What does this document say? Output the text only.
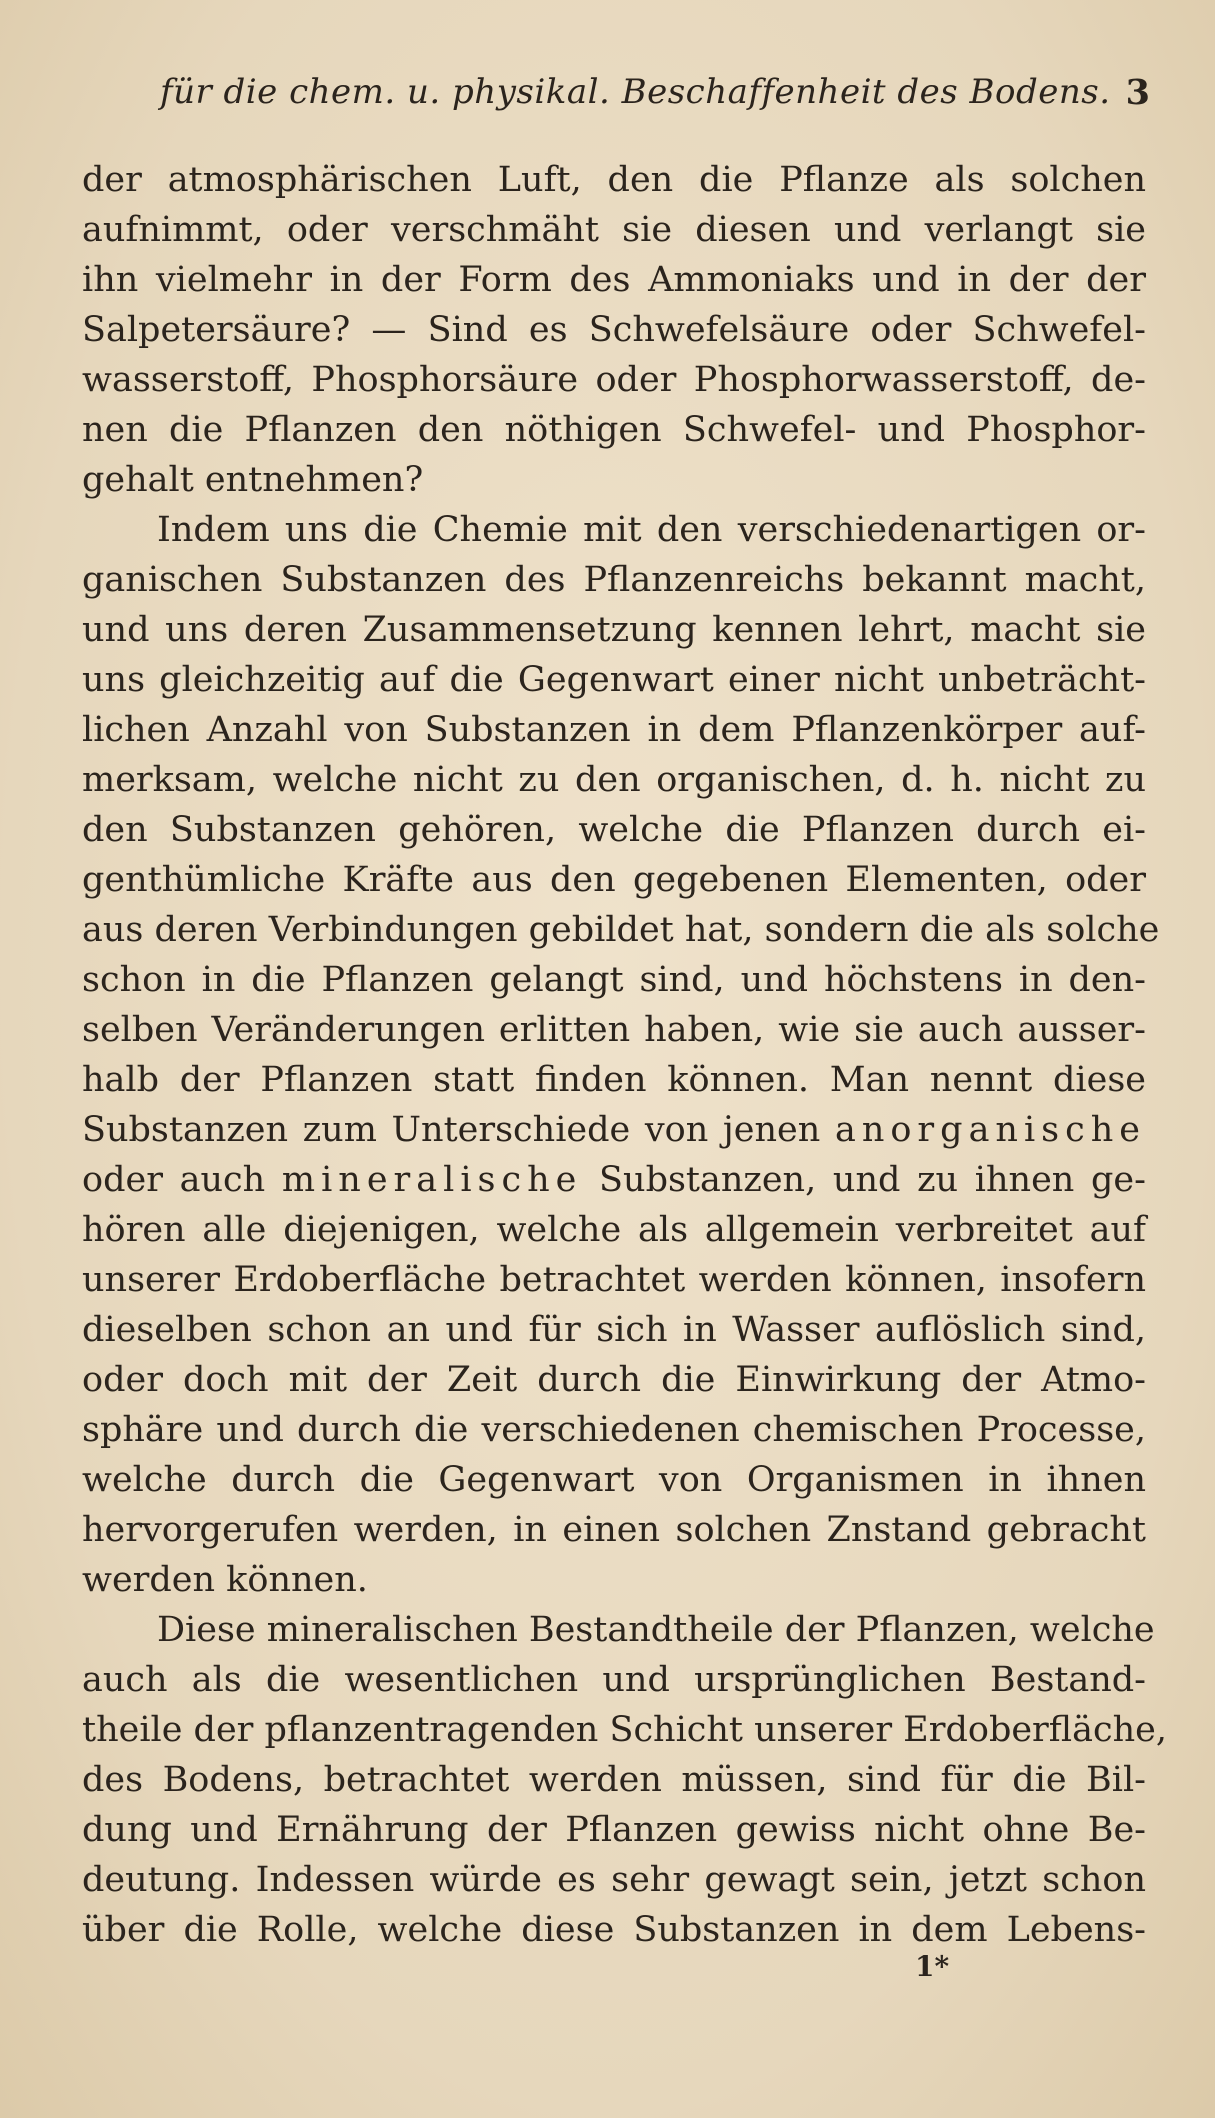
für die chem. u. physikal. Beschaffenheit des Bodens. 3
der atmosphärischen Luft, den die Pflanze als solchen
aufnimmt, oder verschmäht sie diesen und verlangt sie
ihn vielmehr in der Form des Ammoniaks und in der der
Salpetersäure? — Sind es Schwefelsäure oder Schwefel-
wasserstoff, Phosphorsäure oder Phosphorwasserstoff, de-
nen die Pflanzen den nöthigen Schwefel- und Phosphor-
gehalt entnehmen?
Indem uns die Chemie mit den verschiedenartigen or-
ganischen Substanzen des Pflanzenreichs bekannt macht,
und uns deren Zusammensetzung kennen lehrt, macht sie
uns gleichzeitig auf die Gegenwart einer nicht unbeträcht-
lichen Anzahl von Substanzen in dem Pflanzenkörper auf-
merksam, welche nicht zu den organischen, d. h. nicht zu
den Substanzen gehören, welche die Pflanzen durch ei-
genthümliche Kräfte aus den gegebenen Elementen, oder
aus deren Verbindungen gebildet hat, sondern die als solche
schon in die Pflanzen gelangt sind, und höchstens in den-
selben Veränderungen erlitten haben, wie sie auch ausser-
halb der Pflanzen statt finden können. Man nennt diese
Substanzen zum Unterschiede von jenen anorganische
oder auch mineralische Substanzen, und zu ihnen ge-
hören alle diejenigen, welche als allgemein verbreitet auf
unserer Erdoberfläche betrachtet werden können, insofern
dieselben schon an und für sich in Wasser auflöslich sind,
oder doch mit der Zeit durch die Einwirkung der Atmo-
sphäre und durch die verschiedenen chemischen Processe,
welche durch die Gegenwart von Organismen in ihnen
hervorgerufen werden, in einen solchen Znstand gebracht
werden können.
Diese mineralischen Bestandtheile der Pflanzen, welche
auch als die wesentlichen und ursprünglichen Bestand-
theile der pflanzentragenden Schicht unserer Erdoberfläche,
des Bodens, betrachtet werden müssen, sind für die Bil-
dung und Ernährung der Pflanzen gewiss nicht ohne Be-
deutung. Indessen würde es sehr gewagt sein, jetzt schon
über die Rolle, welche diese Substanzen in dem Lebens-
1*
